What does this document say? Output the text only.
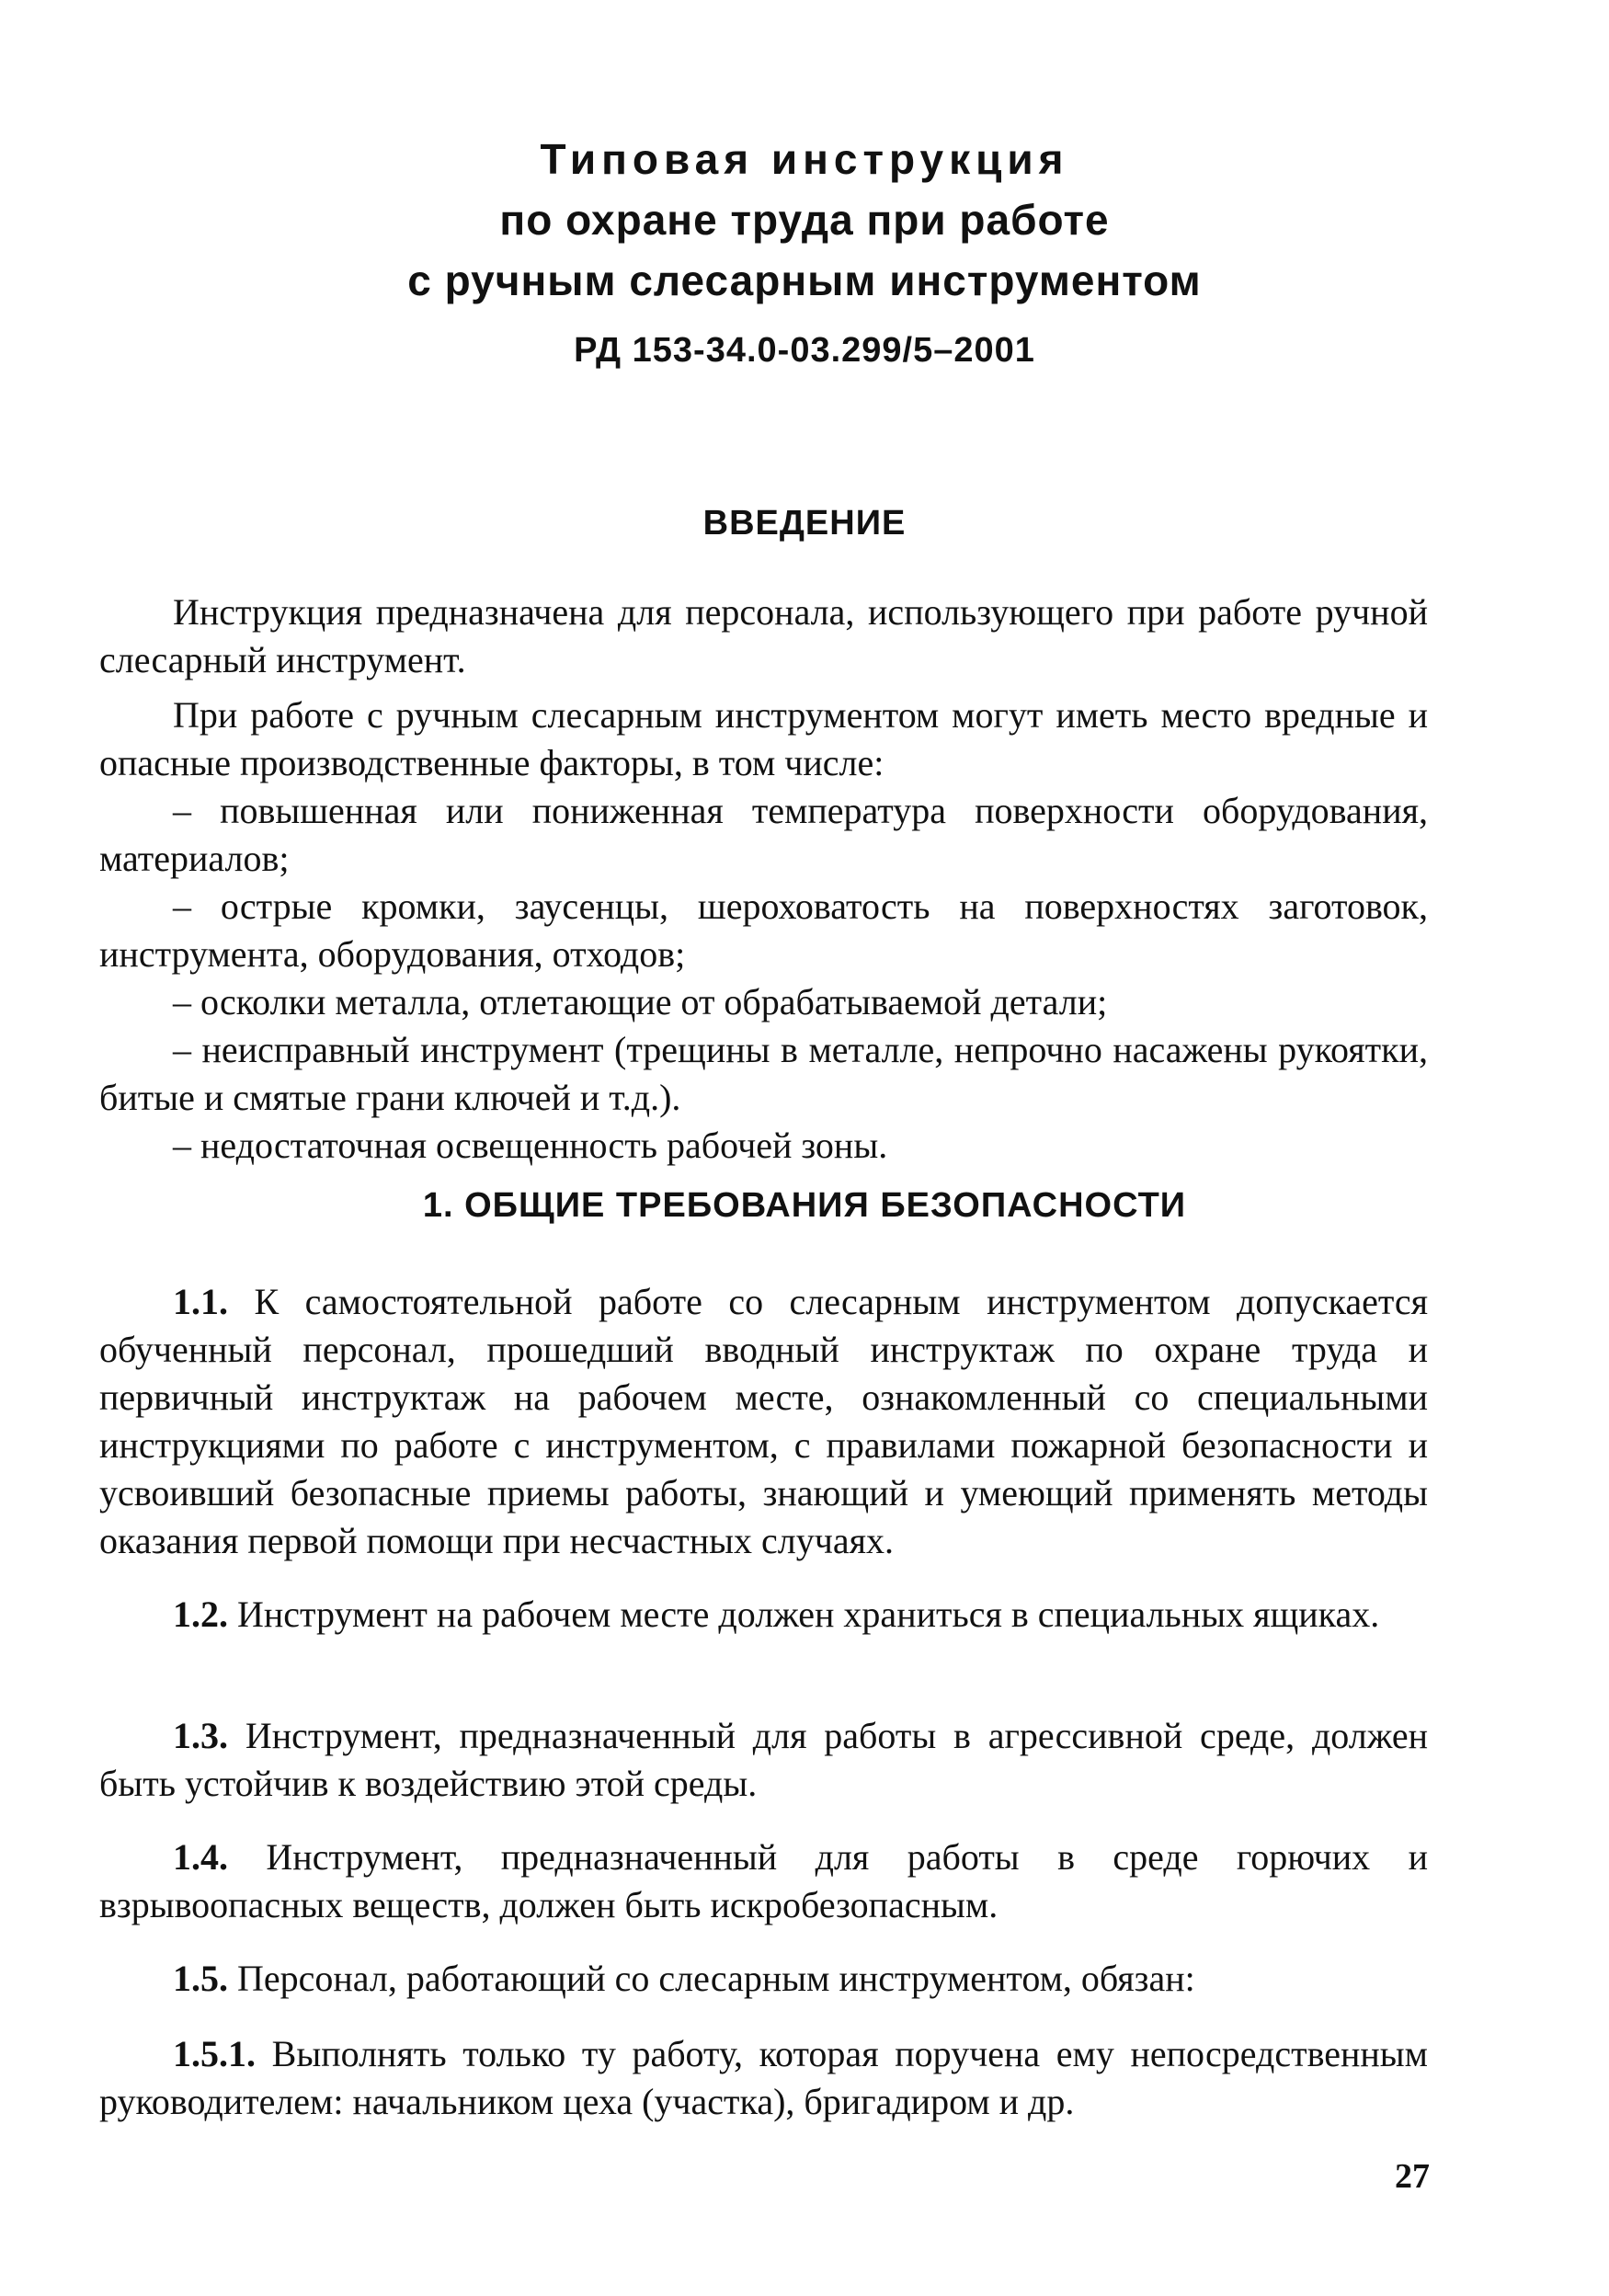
Типовая инструкция
по охране труда при работе
с ручным слесарным инструментом
РД 153-34.0-03.299/5–2001
ВВЕДЕНИЕ

Инструкция предназначена для персонала, использующего при работе ручной слесарный инструмент.

При работе с ручным слесарным инструментом могут иметь место вредные и опасные производственные факторы, в том числе:

– повышенная или пониженная температура поверхности оборудования, материалов;

– острые кромки, заусенцы, шероховатость на поверхностях заготовок, инструмента, оборудования, отходов;

– осколки металла, отлетающие от обрабатываемой детали;

– неисправный инструмент (трещины в металле, непрочно насажены рукоятки, битые и смятые грани ключей и т.д.).

– недостаточная освещенность рабочей зоны.

1. ОБЩИЕ ТРЕБОВАНИЯ БЕЗОПАСНОСТИ

1.1. К самостоятельной работе со слесарным инструментом допускается обученный персонал, прошедший вводный инструктаж по охране труда и первичный инструктаж на рабочем месте, ознакомленный со специальными инструкциями по работе с инструментом, с правилами пожарной безопасности и усвоивший безопасные приемы работы, знающий и умеющий применять методы оказания первой помощи при несчастных случаях.

1.2. Инструмент на рабочем месте должен храниться в специальных ящиках.

1.3. Инструмент, предназначенный для работы в агрессивной среде, должен быть устойчив к воздействию этой среды.

1.4. Инструмент, предназначенный для работы в среде горючих и взрывоопасных веществ, должен быть искробезопасным.

1.5. Персонал, работающий со слесарным инструментом, обязан:

1.5.1. Выполнять только ту работу, которая поручена ему непосредственным руководителем: начальником цеха (участка), бригадиром и др.

27
